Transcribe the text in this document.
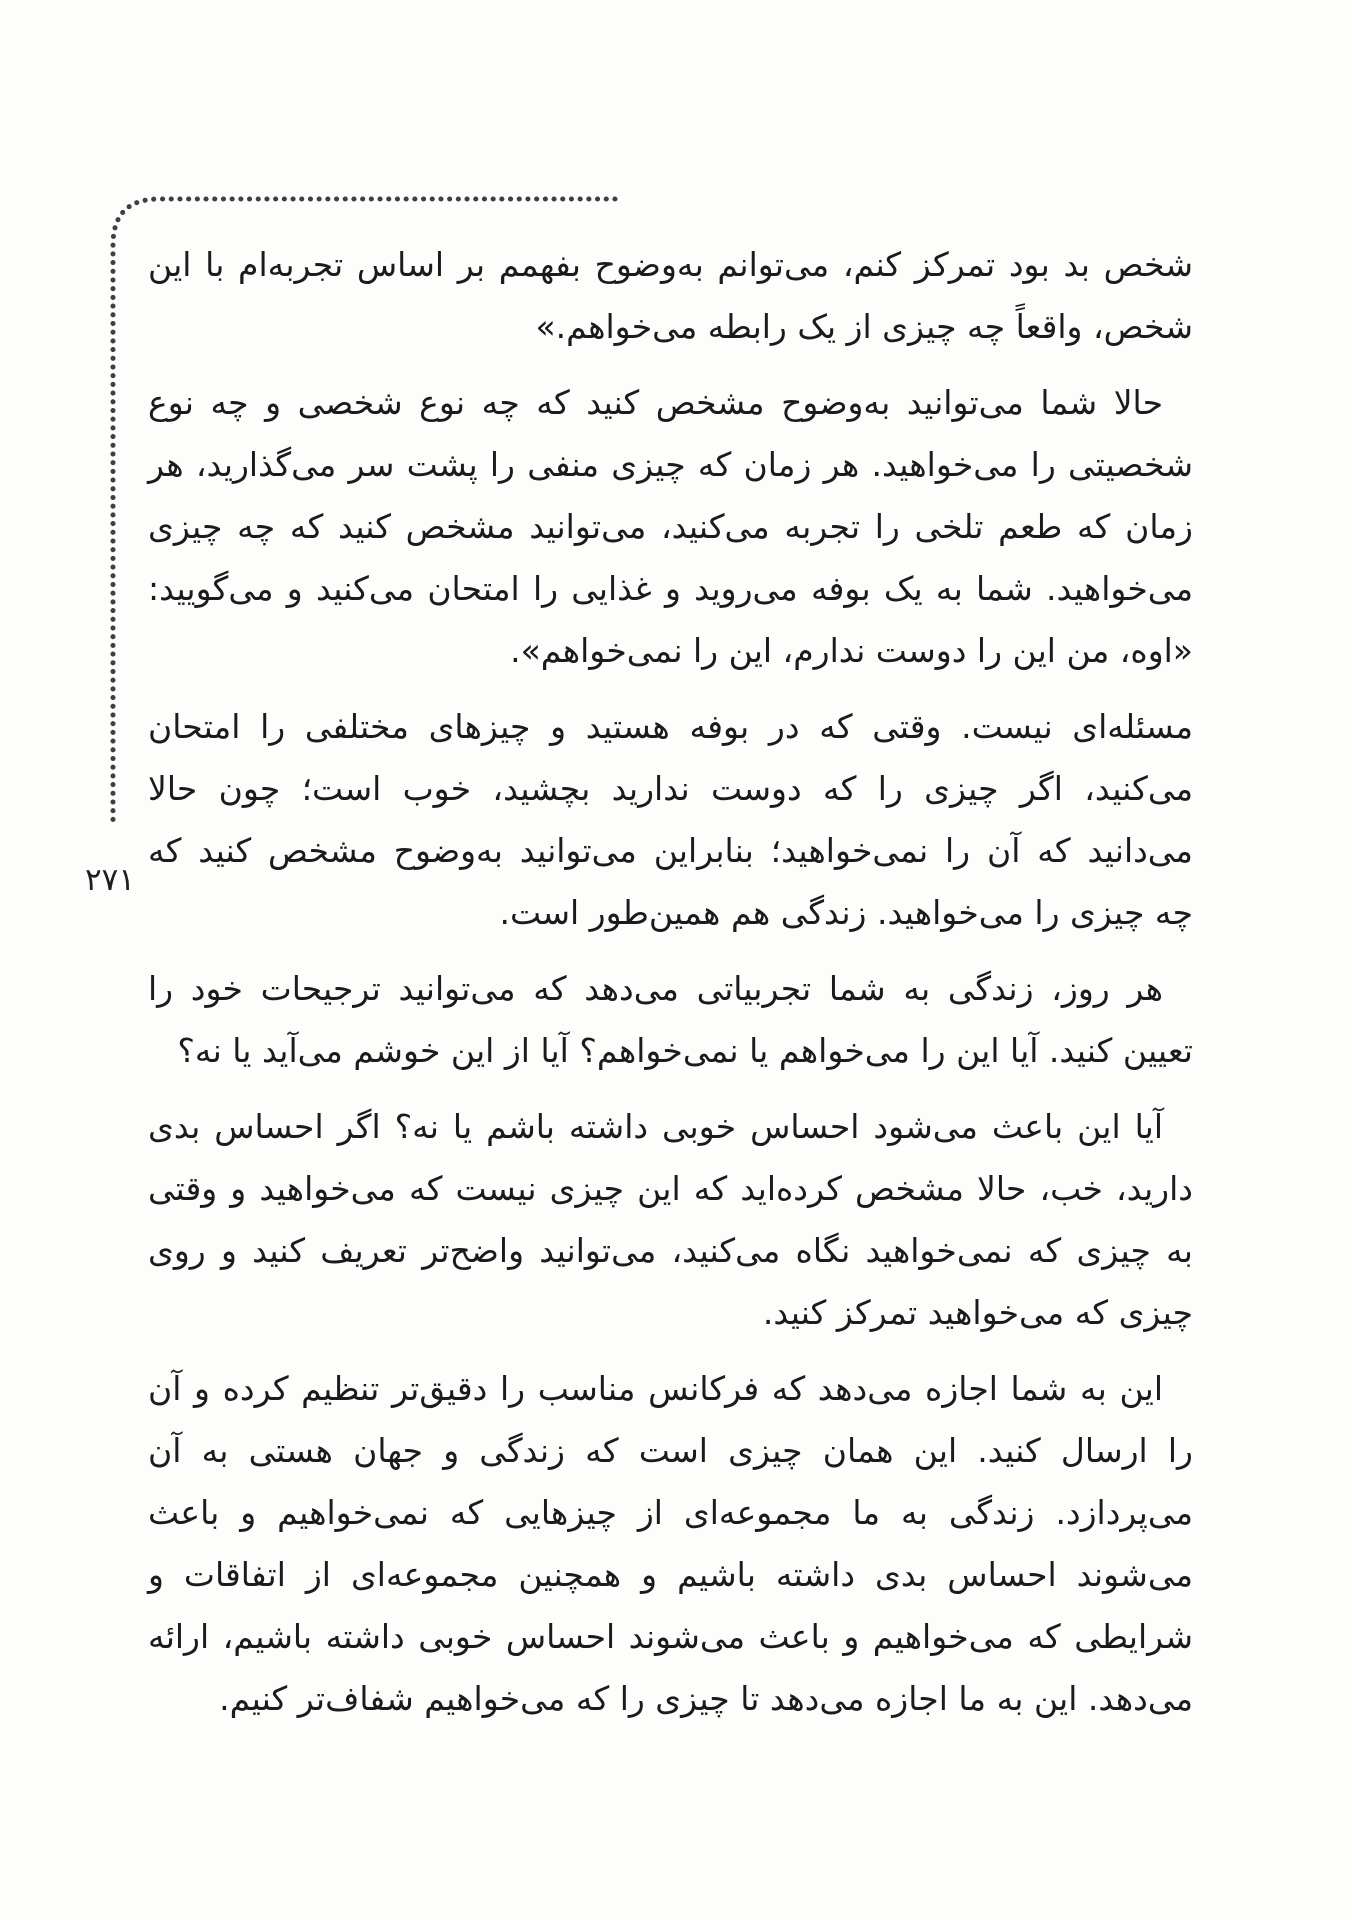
۲۷۱
شخص بد بود تمرکز کنم، می‌توانم به‌وضوح بفهمم بر اساس تجربه‌ام با این
شخص، واقعاً چه چیزی از یک رابطه می‌خواهم.»
حالا شما می‌توانید به‌وضوح مشخص کنید که چه نوع شخصی و چه نوع
شخصیتی را می‌خواهید. هر زمان که چیزی منفی را پشت سر می‌گذارید، هر
زمان که طعم تلخی را تجربه می‌کنید، می‌توانید مشخص کنید که چه چیزی
می‌خواهید. شما به یک بوفه می‌روید و غذایی را امتحان می‌کنید و می‌گویید:
«اوه، من این را دوست ندارم، این را نمی‌خواهم».
مسئله‌ای نیست. وقتی که در بوفه هستید و چیزهای مختلفی را امتحان
می‌کنید، اگر چیزی را که دوست ندارید بچشید، خوب است؛ چون حالا
می‌دانید که آن را نمی‌خواهید؛ بنابراین می‌توانید به‌وضوح مشخص کنید که
چه چیزی را می‌خواهید. زندگی هم همین‌طور است.
هر روز، زندگی به شما تجربیاتی می‌دهد که می‌توانید ترجیحات خود را
تعیین کنید. آیا این را می‌خواهم یا نمی‌خواهم؟ آیا از این خوشم می‌آید یا نه؟
آیا این باعث می‌شود احساس خوبی داشته باشم یا نه؟ اگر احساس بدی
دارید، خب، حالا مشخص کرده‌اید که این چیزی نیست که می‌خواهید و وقتی
به چیزی که نمی‌خواهید نگاه می‌کنید، می‌توانید واضح‌تر تعریف کنید و روی
چیزی که می‌خواهید تمرکز کنید.
این به شما اجازه می‌دهد که فرکانس مناسب را دقیق‌تر تنظیم کرده و آن
را ارسال کنید. این همان چیزی است که زندگی و جهان هستی به آن
می‌پردازد. زندگی به ما مجموعه‌ای از چیزهایی که نمی‌خواهیم و باعث
می‌شوند احساس بدی داشته باشیم و همچنین مجموعه‌ای از اتفاقات و
شرایطی که می‌خواهیم و باعث می‌شوند احساس خوبی داشته باشیم، ارائه
می‌دهد. این به ما اجازه می‌دهد تا چیزی را که می‌خواهیم شفاف‌تر کنیم.
